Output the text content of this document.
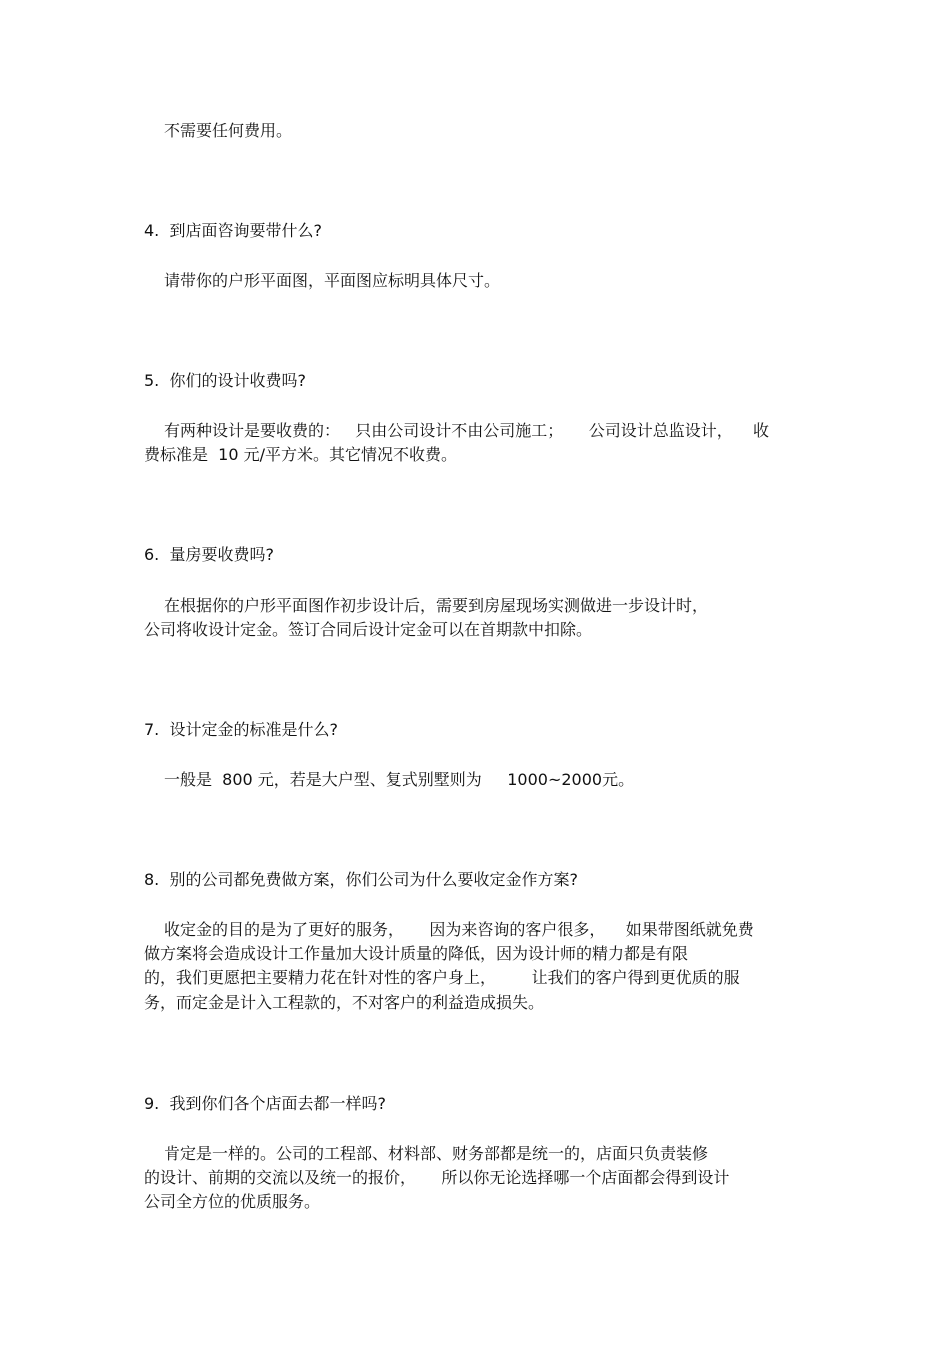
不需要任何费用。
4.  到店面咨询要带什么?
请带你的户形平面图，平面图应标明具体尺寸。
5.  你们的设计收费吗?
有两种设计是要收费的：   只由公司设计不由公司施工；     公司设计总监设计，    收
费标准是  10 元/平方米。其它情况不收费。
6.  量房要收费吗?
在根据你的户形平面图作初步设计后，需要到房屋现场实测做进一步设计时，
公司将收设计定金。签订合同后设计定金可以在首期款中扣除。
7.  设计定金的标准是什么?
一般是  800 元，若是大户型、复式别墅则为     1000~2000元。
8.  别的公司都免费做方案，你们公司为什么要收定金作方案?
收定金的目的是为了更好的服务，     因为来咨询的客户很多，    如果带图纸就免费
做方案将会造成设计工作量加大设计质量的降低，因为设计师的精力都是有限
的，我们更愿把主要精力花在针对性的客户身上，       让我们的客户得到更优质的服
务，而定金是计入工程款的，不对客户的利益造成损失。
9.  我到你们各个店面去都一样吗?
肯定是一样的。公司的工程部、材料部、财务部都是统一的，店面只负责装修
的设计、前期的交流以及统一的报价，     所以你无论选择哪一个店面都会得到设计
公司全方位的优质服务。
